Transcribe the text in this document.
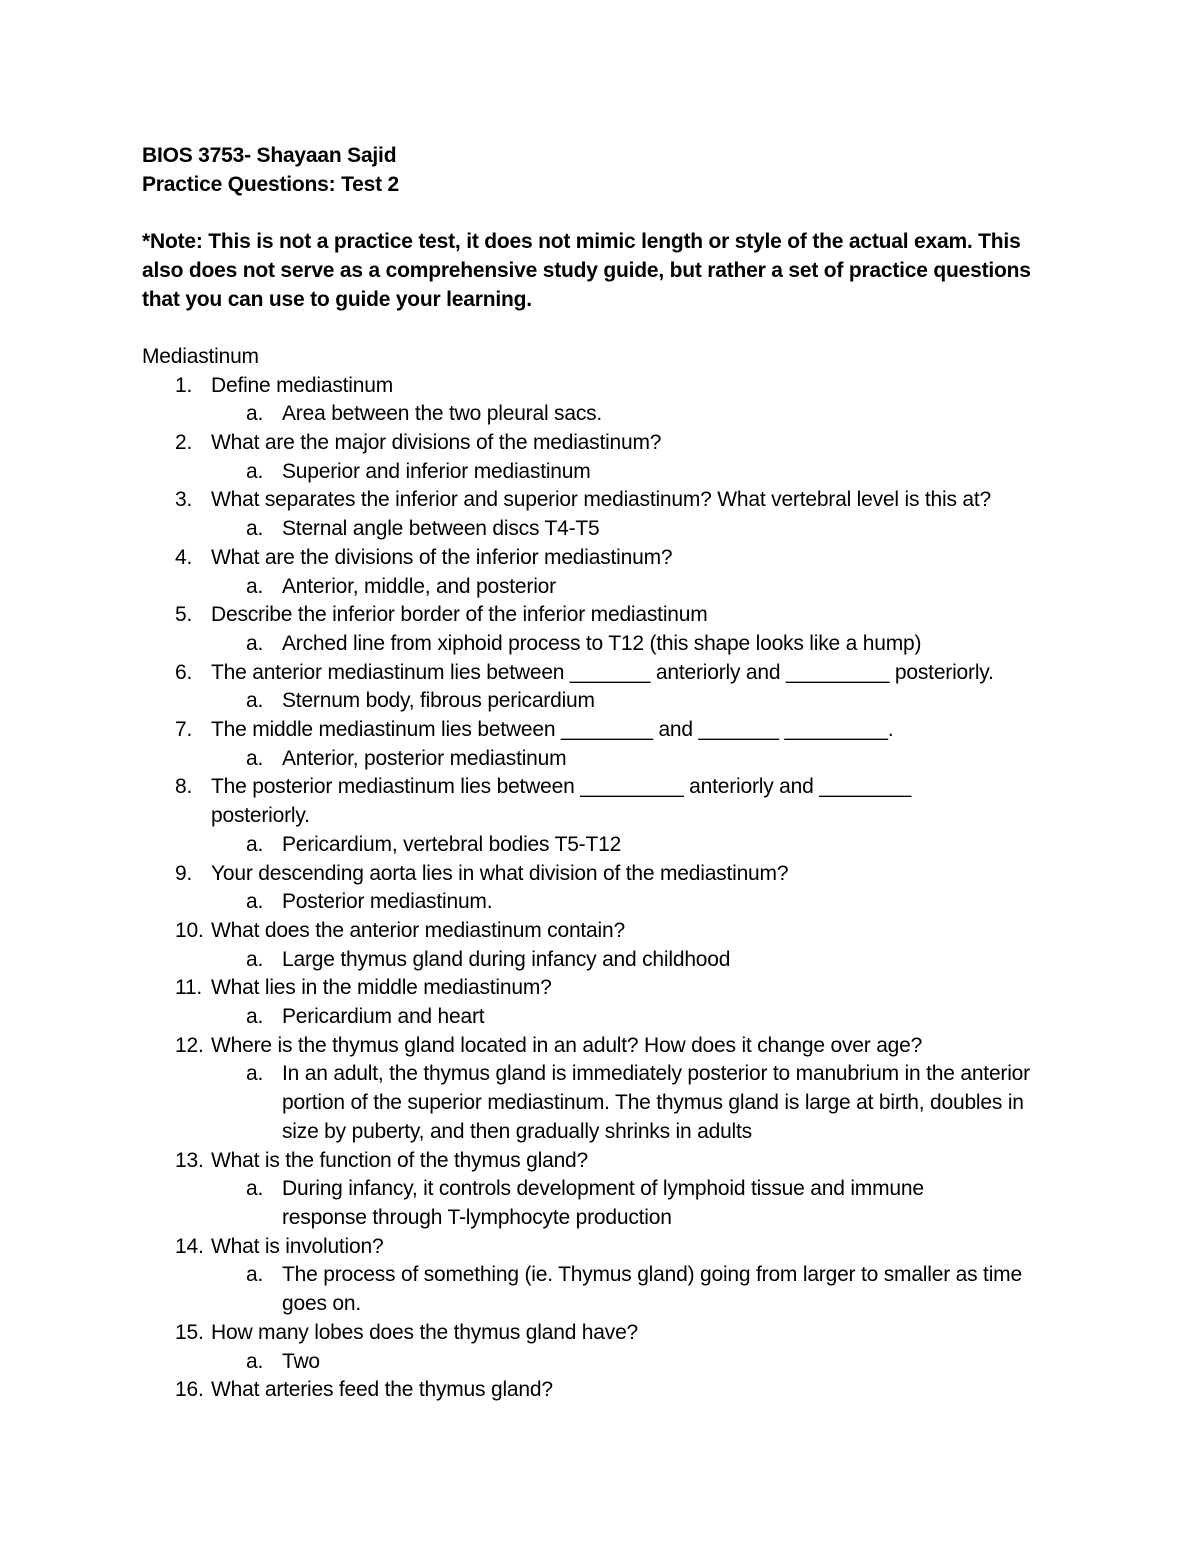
BIOS 3753- Shayaan Sajid
Practice Questions: Test 2
*Note: This is not a practice test, it does not mimic length or style of the actual exam. This also does not serve as a comprehensive study guide, but rather a set of practice questions that you can use to guide your learning.
Mediastinum
1. Define mediastinum
a. Area between the two pleural sacs.
2. What are the major divisions of the mediastinum?
a. Superior and inferior mediastinum
3. What separates the inferior and superior mediastinum? What vertebral level is this at?
a. Sternal angle between discs T4-T5
4. What are the divisions of the inferior mediastinum?
a. Anterior, middle, and posterior
5. Describe the inferior border of the inferior mediastinum
a. Arched line from xiphoid process to T12 (this shape looks like a hump)
6. The anterior mediastinum lies between _______ anteriorly and _________ posteriorly.
a. Sternum body, fibrous pericardium
7. The middle mediastinum lies between ________ and _______ _________.
a. Anterior, posterior mediastinum
8. The posterior mediastinum lies between _________ anteriorly and ________ posteriorly.
a. Pericardium, vertebral bodies T5-T12
9. Your descending aorta lies in what division of the mediastinum?
a. Posterior mediastinum.
10. What does the anterior mediastinum contain?
a. Large thymus gland during infancy and childhood
11. What lies in the middle mediastinum?
a. Pericardium and heart
12. Where is the thymus gland located in an adult? How does it change over age?
a. In an adult, the thymus gland is immediately posterior to manubrium in the anterior portion of the superior mediastinum. The thymus gland is large at birth, doubles in size by puberty, and then gradually shrinks in adults
13. What is the function of the thymus gland?
a. During infancy, it controls development of lymphoid tissue and immune response through T-lymphocyte production
14. What is involution?
a. The process of something (ie. Thymus gland) going from larger to smaller as time goes on.
15. How many lobes does the thymus gland have?
a. Two
16. What arteries feed the thymus gland?
